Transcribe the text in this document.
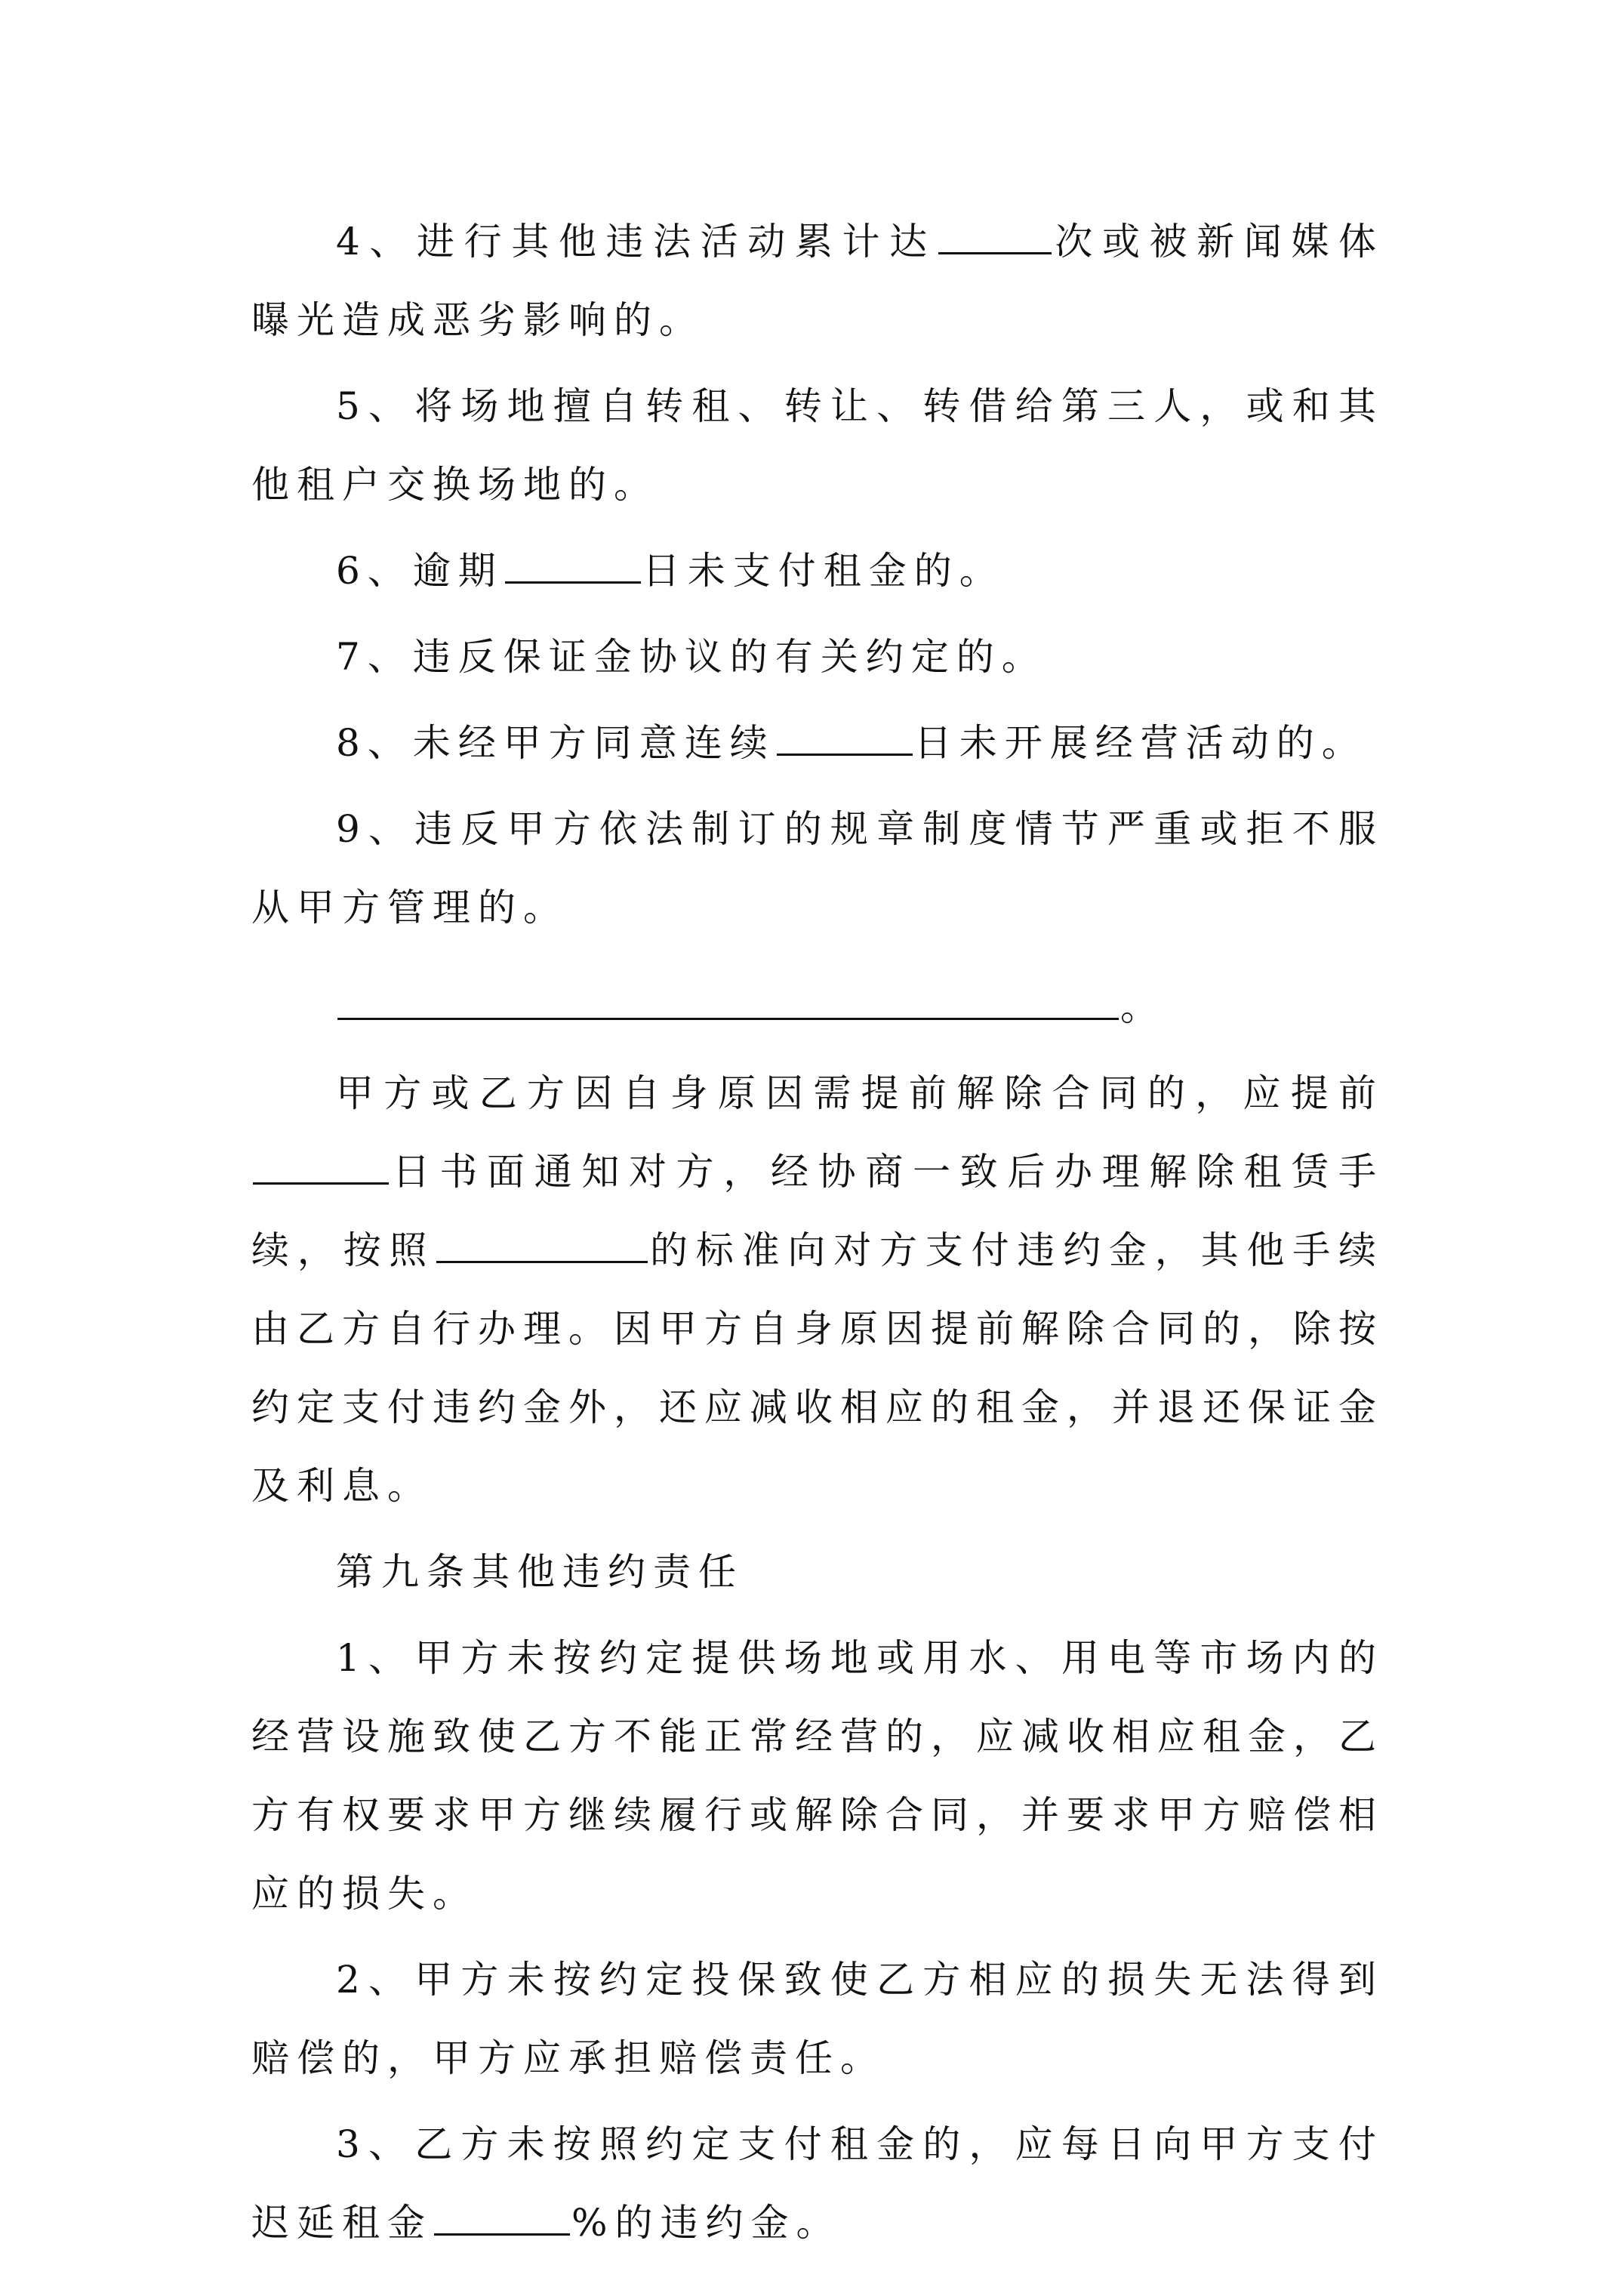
4、进行其他违法活动累计达	次或被新闻媒体曝光造成恶劣影响的。

5、将场地擅自转租、转让、转借给第三人，或和其他租户交换场地的。

6、逾期	日未支付租金的。

7、违反保证金协议的有关约定的。

8、未经甲方同意连续	日未开展经营活动的。

9、违反甲方依法制订的规章制度情节严重或拒不服从甲方管理的。

。

甲方或乙方因自身原因需提前解除合同的，应提前日书面通知对方，经协商一致后办理解除租赁手续，按照	的标准向对方支付违约金，其他手续由乙方自行办理。因甲方自身原因提前解除合同的，除按约定支付违约金外，还应减收相应的租金，并退还保证金及利息。

第九条其他违约责任

1、甲方未按约定提供场地或用水、用电等市场内的经营设施致使乙方不能正常经营的，应减收相应租金，乙方有权要求甲方继续履行或解除合同，并要求甲方赔偿相应的损失。

2、甲方未按约定投保致使乙方相应的损失无法得到赔偿的，甲方应承担赔偿责任。

3、乙方未按照约定支付租金的，应每日向甲方支付迟延租金	%的违约金。
